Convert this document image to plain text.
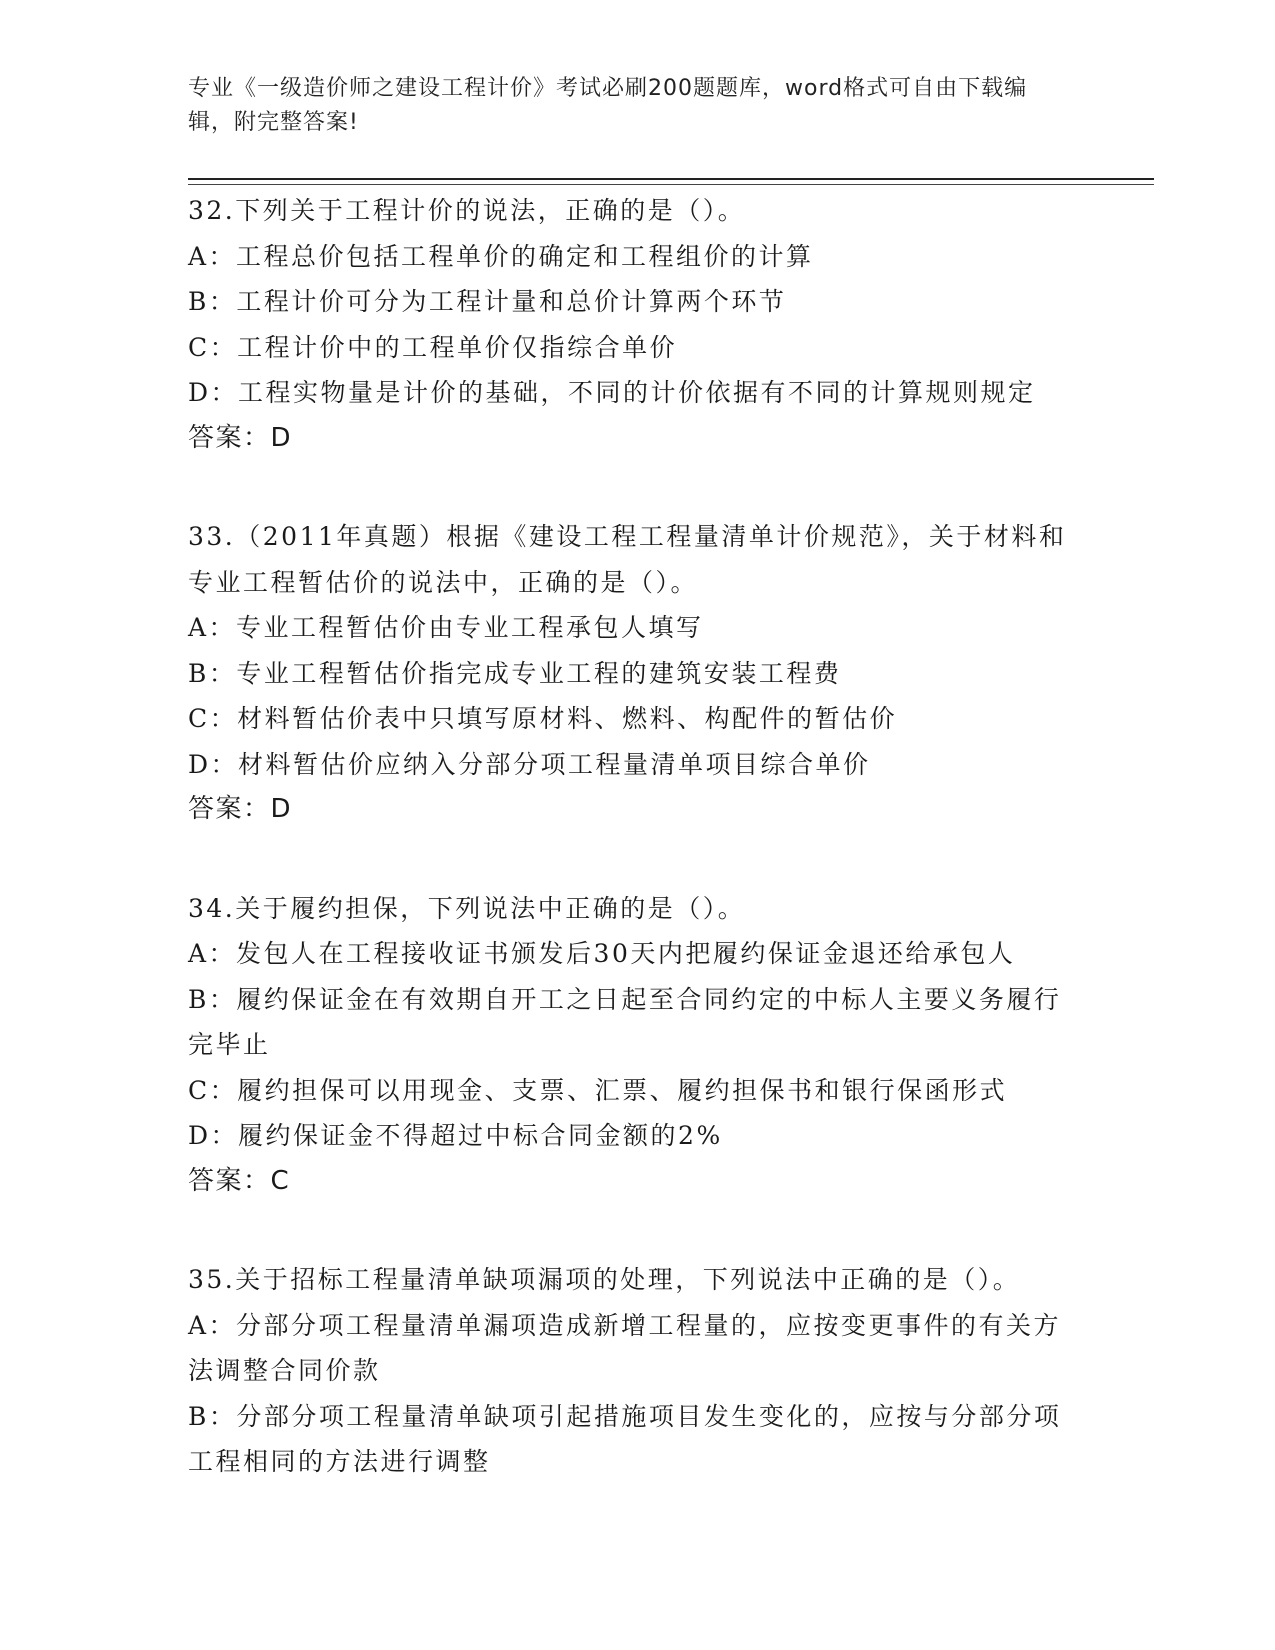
专业《一级造价师之建设工程计价》考试必刷200题题库，word格式可自由下载编辑，附完整答案!

32.下列关于工程计价的说法，正确的是（）。

A：工程总价包括工程单价的确定和工程组价的计算

B：工程计价可分为工程计量和总价计算两个环节

C：工程计价中的工程单价仅指综合单价

D：工程实物量是计价的基础，不同的计价依据有不同的计算规则规定

答案：D

33.（2011年真题）根据《建设工程工程量清单计价规范》，关于材料和专业工程暂估价的说法中，正确的是（）。

A：专业工程暂估价由专业工程承包人填写

B：专业工程暂估价指完成专业工程的建筑安装工程费

C：材料暂估价表中只填写原材料、燃料、构配件的暂估价

D：材料暂估价应纳入分部分项工程量清单项目综合单价

答案：D

34.关于履约担保，下列说法中正确的是（）。

A：发包人在工程接收证书颁发后30天内把履约保证金退还给承包人

B：履约保证金在有效期自开工之日起至合同约定的中标人主要义务履行完毕止

C：履约担保可以用现金、支票、汇票、履约担保书和银行保函形式

D：履约保证金不得超过中标合同金额的2%

答案：C

35.关于招标工程量清单缺项漏项的处理，下列说法中正确的是（）。

A：分部分项工程量清单漏项造成新增工程量的，应按变更事件的有关方法调整合同价款

B：分部分项工程量清单缺项引起措施项目发生变化的，应按与分部分项工程相同的方法进行调整
